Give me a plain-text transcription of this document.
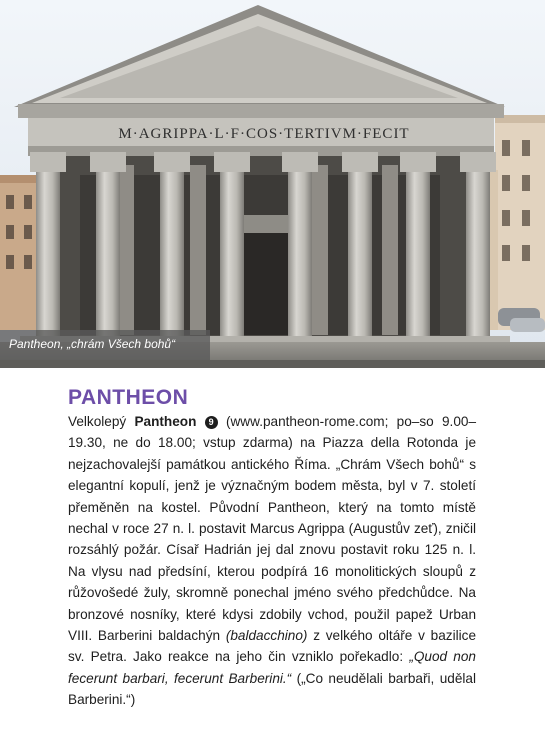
M·AGRIPPA·L·F·COS·TERTIVM·FECIT
Pantheon, „chrám Všech bohů“
PANTHEON

Velkolepý Pantheon 9 (www.pantheon-rome.com; po–so 9.00–19.30, ne do 18.00; vstup zdarma) na Piazza della Rotonda je nejzachovalejší památkou antického Říma. „Chrám Všech bohů“ s elegantní kopulí, jenž je význačným bodem města, byl v 7. století přeměněn na kostel. Původní Pantheon, který na tomto místě nechal v roce 27 n. l. postavit Marcus Agrippa (Augustův zeť), zničil rozsáhlý požár. Císař Hadrián jej dal znovu postavit roku 125 n. l. Na vlysu nad předsíní, kterou podpírá 16 monolitických sloupů z růžovošedé žuly, skromně ponechal jméno svého předchůdce. Na bronzové nosníky, které kdysi zdobily vchod, použil papež Urban VIII. Barberini baldachýn (baldacchino) z velkého oltáře v bazilice sv. Petra. Jako reakce na jeho čin vzniklo pořekadlo: „Quod non fecerunt barbari, fecerunt Barberini.“ („Co neudělali barbaři, udělal Barberini.“)
